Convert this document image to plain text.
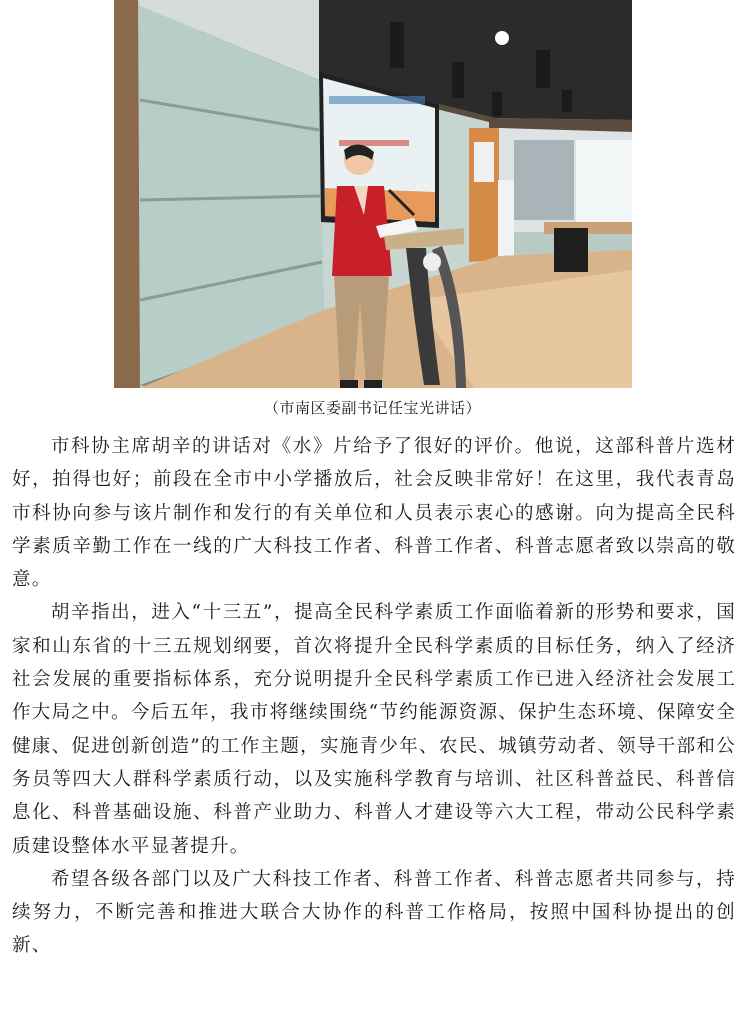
（市南区委副书记任宝光讲话）

市科协主席胡辛的讲话对《水》片给予了很好的评价。他说，这部科普片选材好，拍得也好；前段在全市中小学播放后，社会反映非常好！在这里，我代表青岛市科协向参与该片制作和发行的有关单位和人员表示衷心的感谢。向为提高全民科学素质辛勤工作在一线的广大科技工作者、科普工作者、科普志愿者致以崇高的敬意。

胡辛指出，进入“十三五”，提高全民科学素质工作面临着新的形势和要求，国家和山东省的十三五规划纲要，首次将提升全民科学素质的目标任务，纳入了经济社会发展的重要指标体系，充分说明提升全民科学素质工作已进入经济社会发展工作大局之中。今后五年，我市将继续围绕“节约能源资源、保护生态环境、保障安全健康、促进创新创造”的工作主题，实施青少年、农民、城镇劳动者、领导干部和公务员等四大人群科学素质行动，以及实施科学教育与培训、社区科普益民、科普信息化、科普基础设施、科普产业助力、科普人才建设等六大工程，带动公民科学素质建设整体水平显著提升。

希望各级各部门以及广大科技工作者、科普工作者、科普志愿者共同参与，持续努力，不断完善和推进大联合大协作的科普工作格局，按照中国科协提出的创新、
